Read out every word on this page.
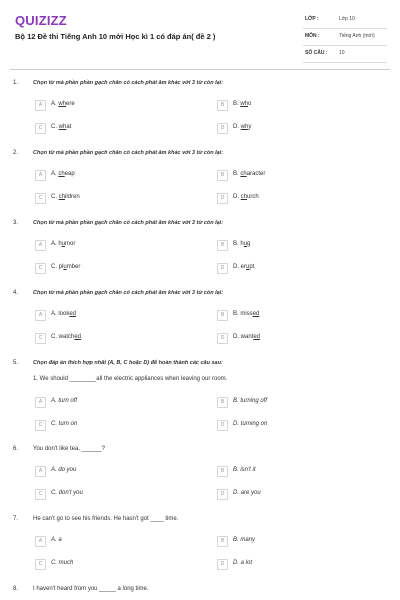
QUIZIZZ
Bộ 12 Đề thi Tiếng Anh 10 mới Học kì 1 có đáp án( đề 2 )
LỚP :	Lớp 10
MÔN :	Tiếng Anh (mới)
SỐ CÂU : 10
1.	Chọn từ mà phần phần gạch chân có cách phát âm khác với 3 từ còn lại:
A	A. where	B	B. who
C	C. what	D	D. why
2.	Chọn từ mà phần phần gạch chân có cách phát âm khác với 3 từ còn lại:
A	A. cheap	B	B. character
C	C. children	D	D. church
3.	Chọn từ mà phần phần gạch chân có cách phát âm khác với 3 từ còn lại:
A	A. humor	B	B. hug
C	C. plumber	D	D. erupt
4.	Chọn từ mà phần phần gạch chân có cách phát âm khác với 3 từ còn lại:
A	A. looked	B	B. missed
C	C. watched	D	D. wanted
5.	Chọn đáp án thích hợp nhất (A, B, C hoặc D) để hoàn thành các câu sau:
1. We should ________all the electric appliances when leaving our room.
A	A. turn off	B	B. turning off
C	C. turn on	D	D. turning on
6. You don't like tea, ______?
A	A. do you	B	B. isn't it
C	C. don't you	D	D. are you
7. He can't go to see his friends. He hasn't got ____ time.
A	A. a	B	B. many
C	C. much	D	D. a lot
8. I haven't heard from you _____ a long time.
